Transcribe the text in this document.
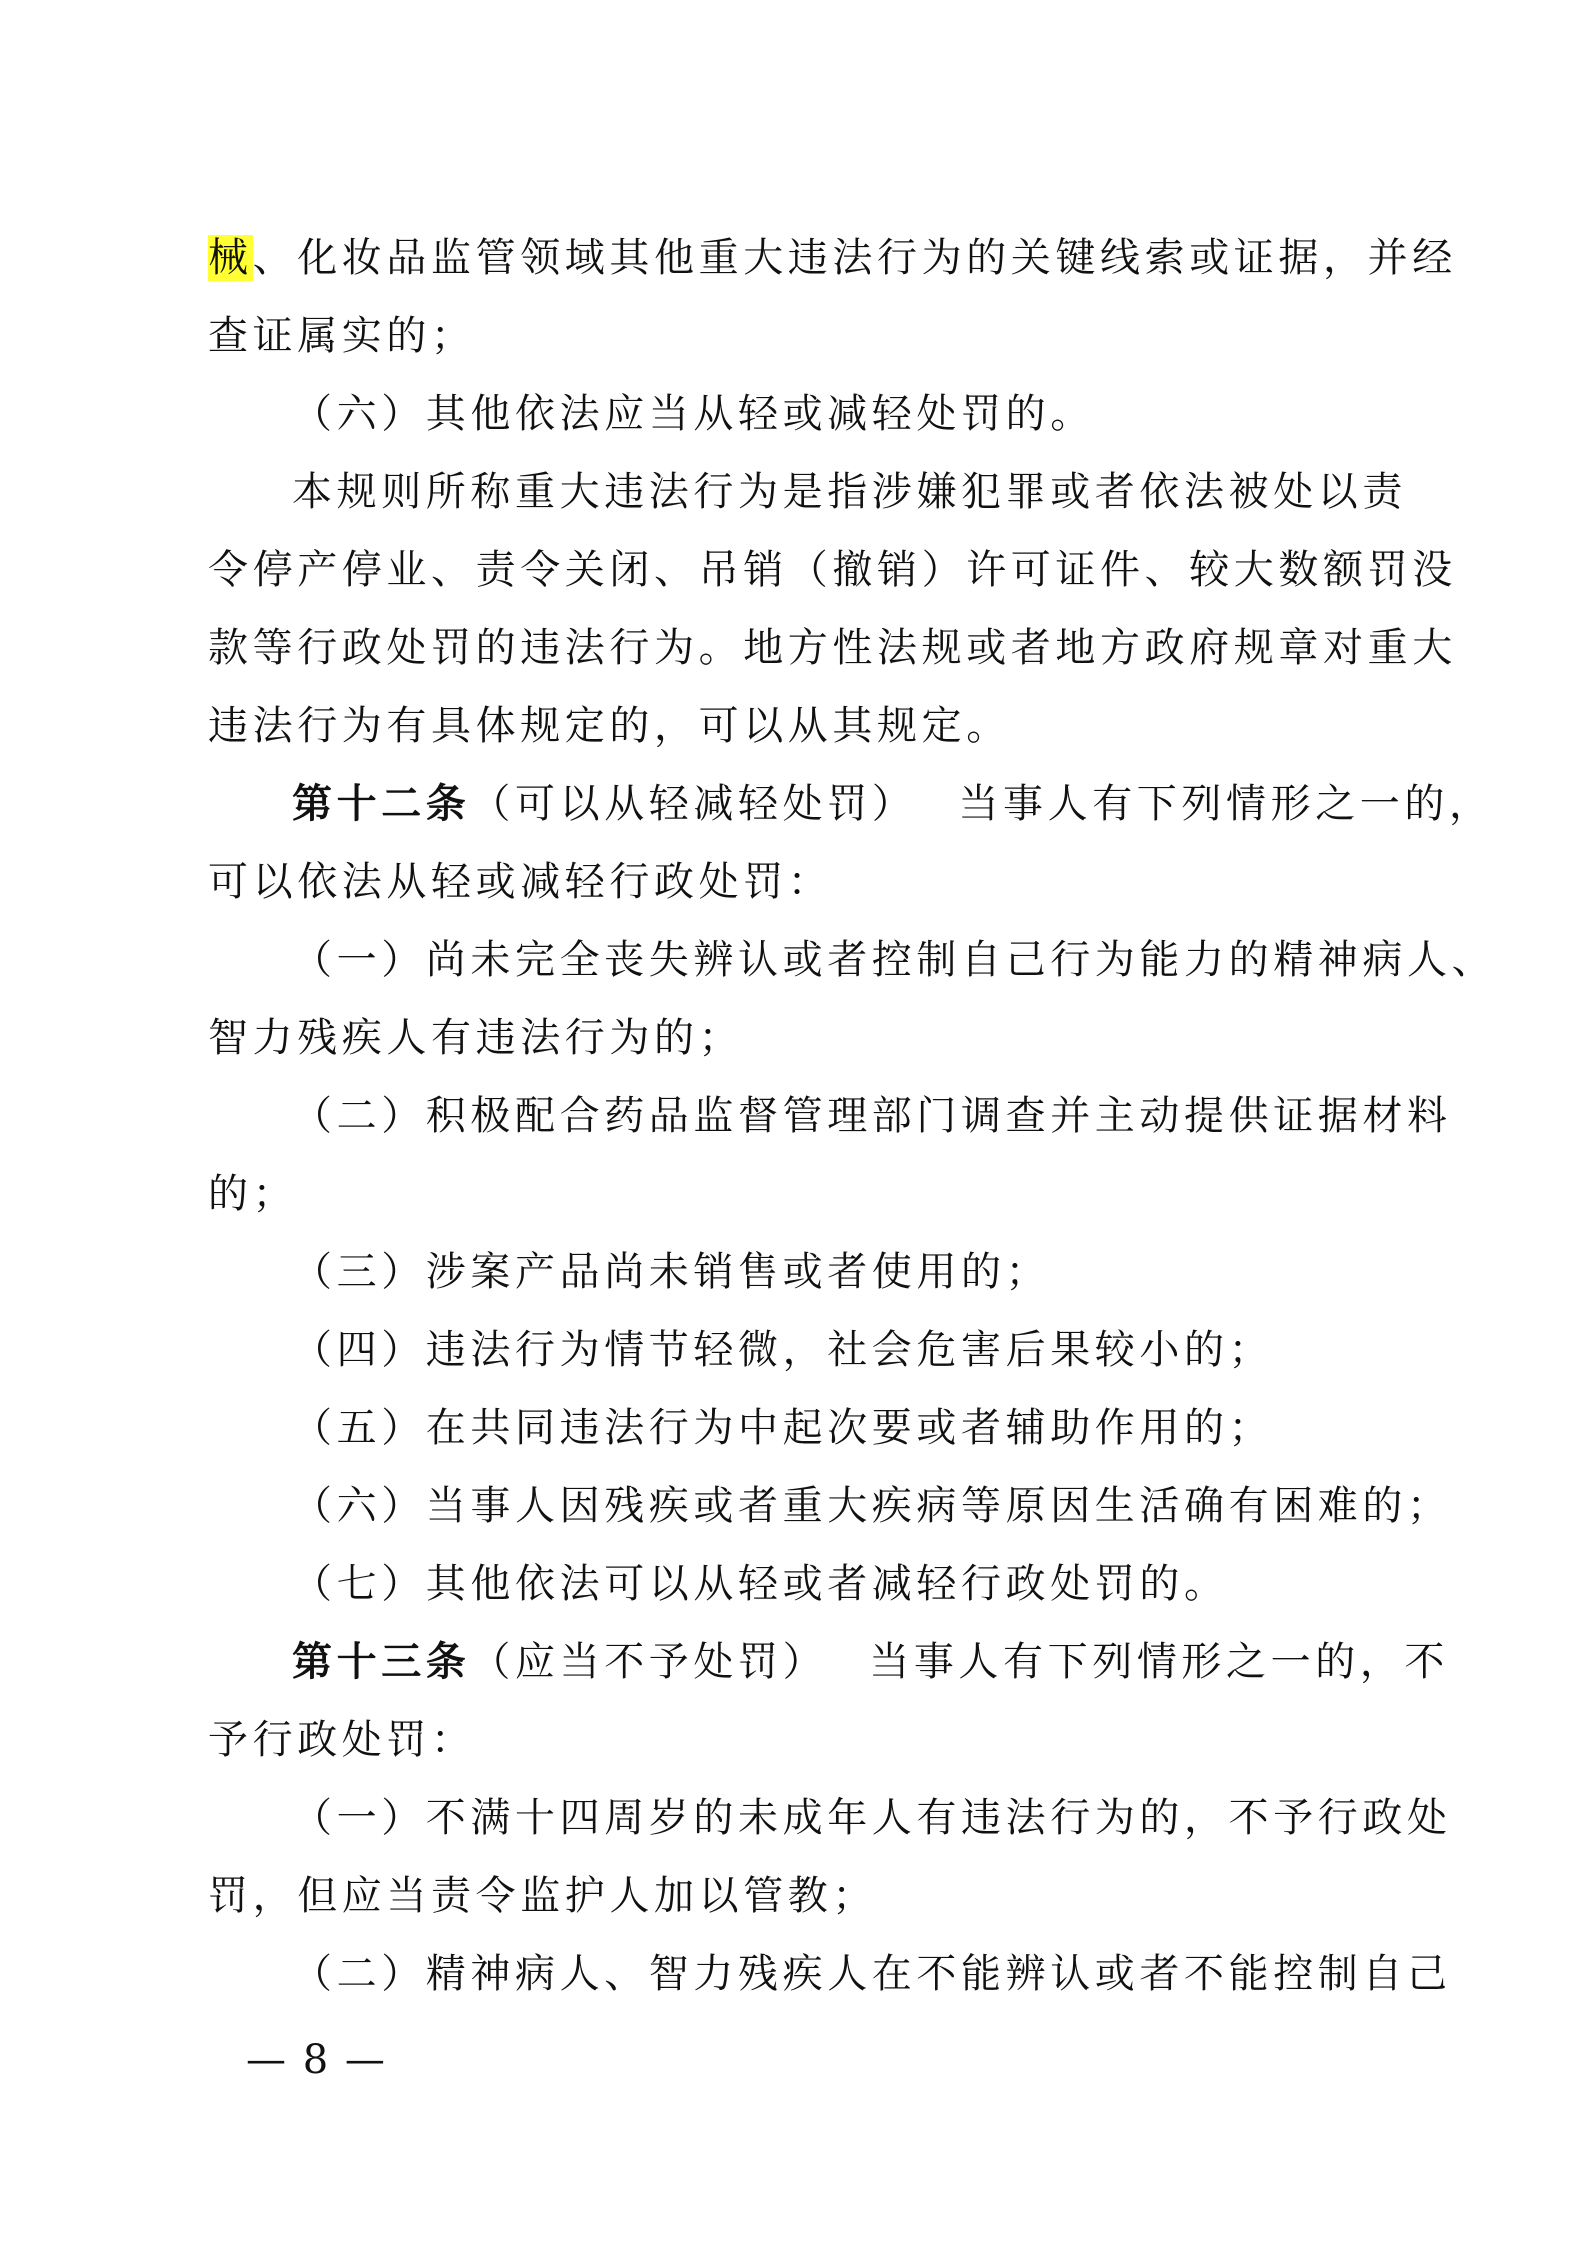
械、化妆品监管领域其他重大违法行为的关键线索或证据，并经
查证属实的；
（六）其他依法应当从轻或减轻处罚的。
本规则所称重大违法行为是指涉嫌犯罪或者依法被处以责
令停产停业、责令关闭、吊销（撤销）许可证件、较大数额罚没
款等行政处罚的违法行为。地方性法规或者地方政府规章对重大
违法行为有具体规定的，可以从其规定。
第十二条（可以从轻减轻处罚） 当事人有下列情形之一的，
可以依法从轻或减轻行政处罚：
（一）尚未完全丧失辨认或者控制自己行为能力的精神病人、
智力残疾人有违法行为的；
（二）积极配合药品监督管理部门调查并主动提供证据材料
的；
（三）涉案产品尚未销售或者使用的；
（四）违法行为情节轻微，社会危害后果较小的；
（五）在共同违法行为中起次要或者辅助作用的；
（六）当事人因残疾或者重大疾病等原因生活确有困难的；
（七）其他依法可以从轻或者减轻行政处罚的。
第十三条（应当不予处罚） 当事人有下列情形之一的，不
予行政处罚：
（一）不满十四周岁的未成年人有违法行为的，不予行政处
罚，但应当责令监护人加以管教；
（二）精神病人、智力残疾人在不能辨认或者不能控制自己
— 8 —
